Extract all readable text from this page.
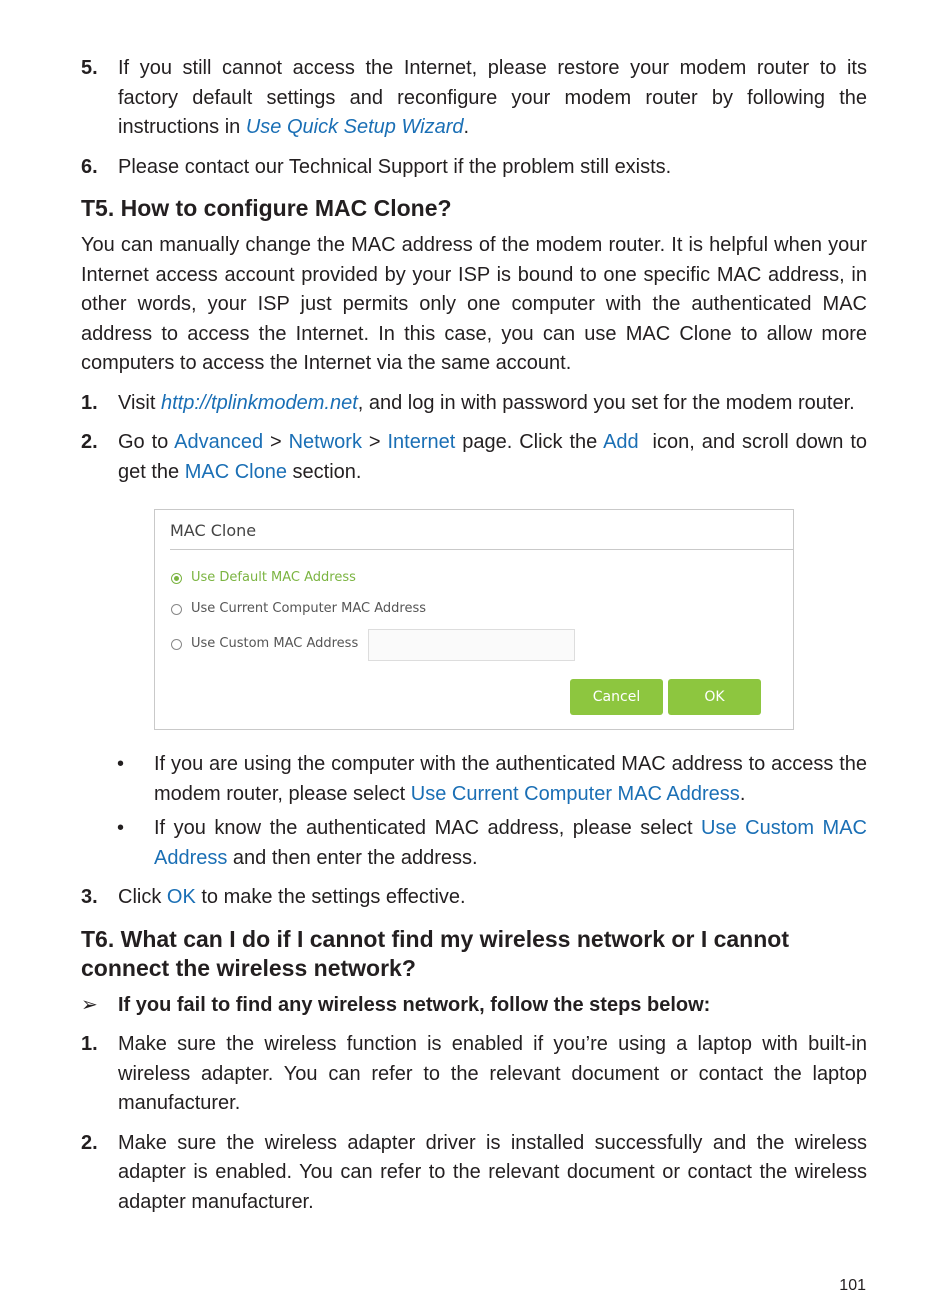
5. If you still cannot access the Internet, please restore your modem router to its factory default settings and reconfigure your modem router by following the instructions in Use Quick Setup Wizard.
6. Please contact our Technical Support if the problem still exists.
T5. How to configure MAC Clone?

You can manually change the MAC address of the modem router. It is helpful when your Internet access account provided by your ISP is bound to one specific MAC address, in other words, your ISP just permits only one computer with the authenticated MAC address to access the Internet. In this case, you can use MAC Clone to allow more computers to access the Internet via the same account.

1. Visit http://tplinkmodem.net, and log in with password you set for the modem router.
2. Go to Advanced > Network > Internet page. Click the Add  icon, and scroll down to get the MAC Clone section.
MAC Clone
Use Default MAC Address
Use Current Computer MAC Address
Use Custom MAC Address
Cancel	OK
• If you are using the computer with the authenticated MAC address to access the modem router, please select Use Current Computer MAC Address.
• If you know the authenticated MAC address, please select Use Custom MAC Address and then enter the address.
3. Click OK to make the settings effective.
T6. What can I do if I cannot find my wireless network or I cannot connect the wireless network?
➢ If you fail to find any wireless network, follow the steps below:
1. Make sure the wireless function is enabled if you’re using a laptop with built-in wireless adapter. You can refer to the relevant document or contact the laptop manufacturer.
2. Make sure the wireless adapter driver is installed successfully and the wireless adapter is enabled. You can refer to the relevant document or contact the wireless adapter manufacturer.
101
